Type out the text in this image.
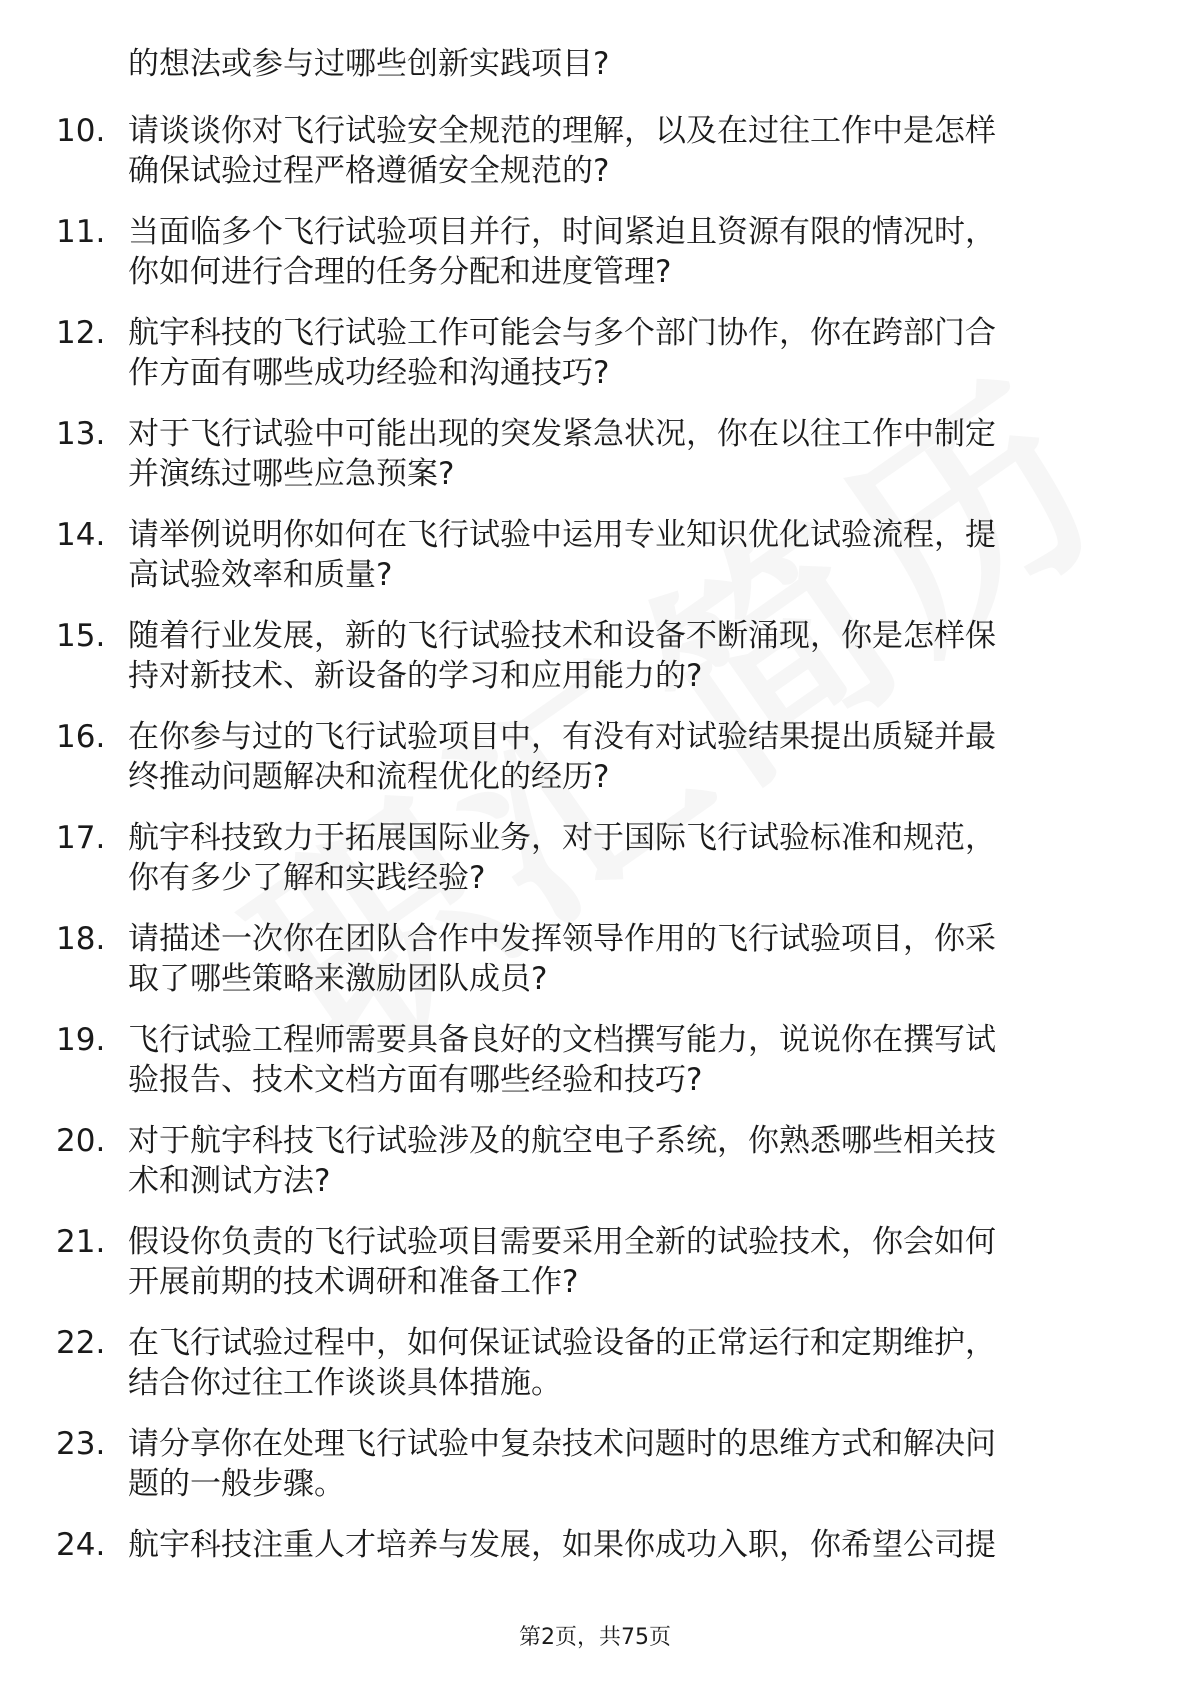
的想法或参与过哪些创新实践项目?
10. 请谈谈你对飞行试验安全规范的理解，以及在过往工作中是怎样
确保试验过程严格遵循安全规范的?
11. 当面临多个飞行试验项目并行，时间紧迫且资源有限的情况时，
你如何进行合理的任务分配和进度管理?
12. 航宇科技的飞行试验工作可能会与多个部门协作，你在跨部门合
作方面有哪些成功经验和沟通技巧?
13. 对于飞行试验中可能出现的突发紧急状况，你在以往工作中制定
并演练过哪些应急预案?
14. 请举例说明你如何在飞行试验中运用专业知识优化试验流程，提
高试验效率和质量?
15. 随着行业发展，新的飞行试验技术和设备不断涌现，你是怎样保
持对新技术、新设备的学习和应用能力的?
16. 在你参与过的飞行试验项目中，有没有对试验结果提出质疑并最
终推动问题解决和流程优化的经历?
17. 航宇科技致力于拓展国际业务，对于国际飞行试验标准和规范，
你有多少了解和实践经验?
18. 请描述一次你在团队合作中发挥领导作用的飞行试验项目，你采
取了哪些策略来激励团队成员?
19. 飞行试验工程师需要具备良好的文档撰写能力，说说你在撰写试
验报告、技术文档方面有哪些经验和技巧?
20. 对于航宇科技飞行试验涉及的航空电子系统，你熟悉哪些相关技
术和测试方法?
21. 假设你负责的飞行试验项目需要采用全新的试验技术，你会如何
开展前期的技术调研和准备工作?
22. 在飞行试验过程中，如何保证试验设备的正常运行和定期维护，
结合你过往工作谈谈具体措施。
23. 请分享你在处理飞行试验中复杂技术问题时的思维方式和解决问
题的一般步骤。
24. 航宇科技注重人才培养与发展，如果你成功入职，你希望公司提
第2页，共75页
